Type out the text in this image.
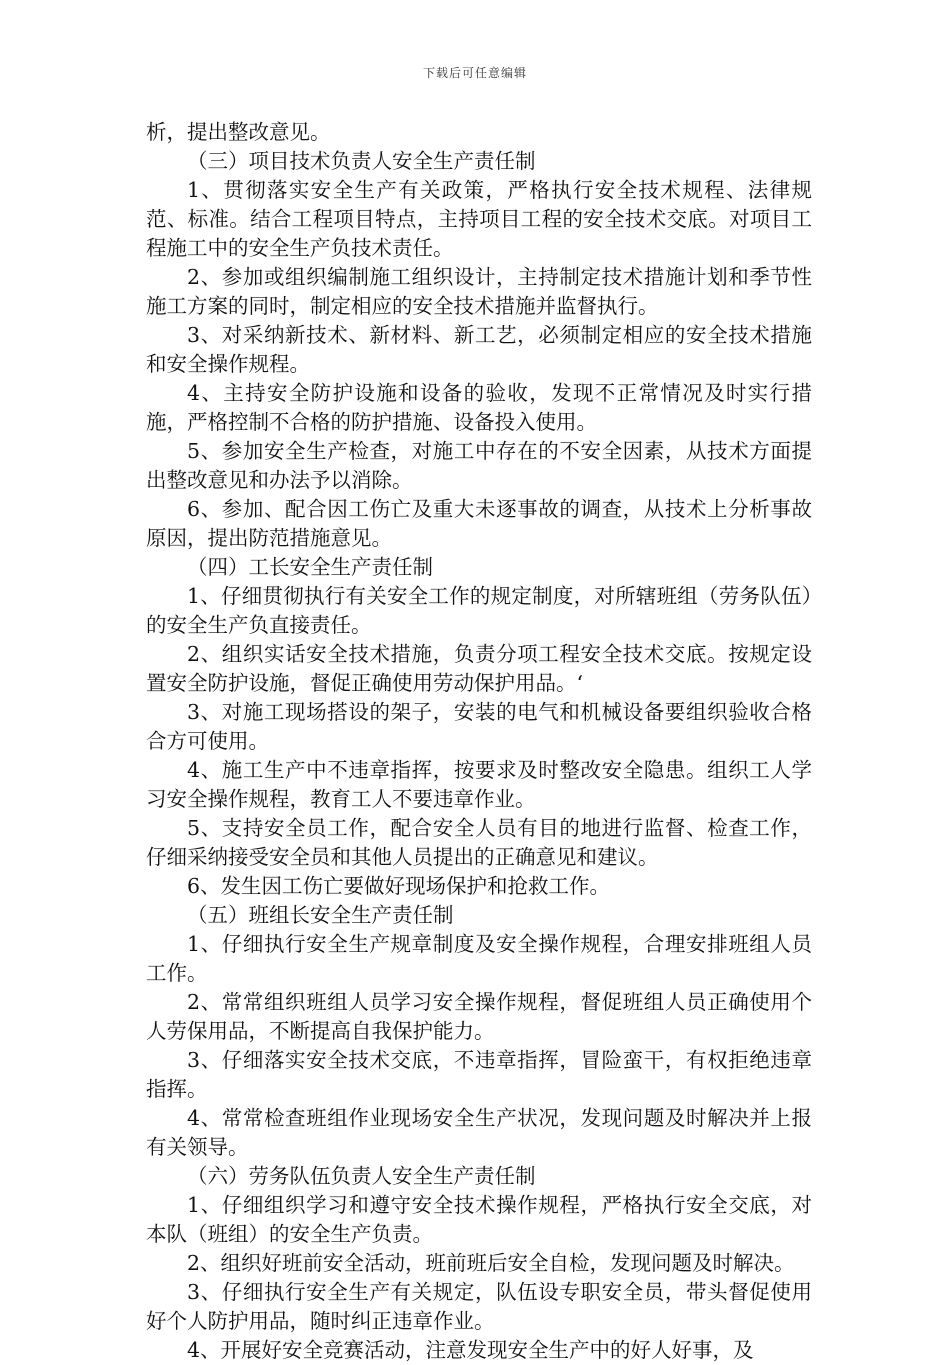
下载后可任意编辑

析，提出整改意见。

（三）项目技术负责人安全生产责任制

1、贯彻落实安全生产有关政策，严格执行安全技术规程、法律规范、标准。结合工程项目特点，主持项目工程的安全技术交底。对项目工程施工中的安全生产负技术责任。

2、参加或组织编制施工组织设计，主持制定技术措施计划和季节性施工方案的同时，制定相应的安全技术措施并监督执行。

3、对采纳新技术、新材料、新工艺，必须制定相应的安全技术措施和安全操作规程。

4、主持安全防护设施和设备的验收，发现不正常情况及时实行措施，严格控制不合格的防护措施、设备投入使用。

5、参加安全生产检查，对施工中存在的不安全因素，从技术方面提出整改意见和办法予以消除。

6、参加、配合因工伤亡及重大未逐事故的调查，从技术上分析事故原因，提出防范措施意见。

（四）工长安全生产责任制

1、仔细贯彻执行有关安全工作的规定制度，对所辖班组（劳务队伍）的安全生产负直接责任。

2、组织实话安全技术措施，负责分项工程安全技术交底。按规定设置安全防护设施，督促正确使用劳动保护用品。‘

3、对施工现场搭设的架子，安装的电气和机械设备要组织验收合格合方可使用。

4、施工生产中不违章指挥，按要求及时整改安全隐患。组织工人学习安全操作规程，教育工人不要违章作业。

5、支持安全员工作，配合安全人员有目的地进行监督、检查工作，仔细采纳接受安全员和其他人员提出的正确意见和建议。

6、发生因工伤亡要做好现场保护和抢救工作。

（五）班组长安全生产责任制

1、仔细执行安全生产规章制度及安全操作规程，合理安排班组人员工作。

2、常常组织班组人员学习安全操作规程，督促班组人员正确使用个人劳保用品，不断提高自我保护能力。

3、仔细落实安全技术交底，不违章指挥，冒险蛮干，有权拒绝违章指挥。

4、常常检查班组作业现场安全生产状况，发现问题及时解决并上报有关领导。

（六）劳务队伍负责人安全生产责任制

1、仔细组织学习和遵守安全技术操作规程，严格执行安全交底，对本队（班组）的安全生产负责。

2、组织好班前安全活动，班前班后安全自检，发现问题及时解决。

3、仔细执行安全生产有关规定，队伍设专职安全员，带头督促使用好个人防护用品，随时纠正违章作业。

4、开展好安全竞赛活动，注意发现安全生产中的好人好事，及
